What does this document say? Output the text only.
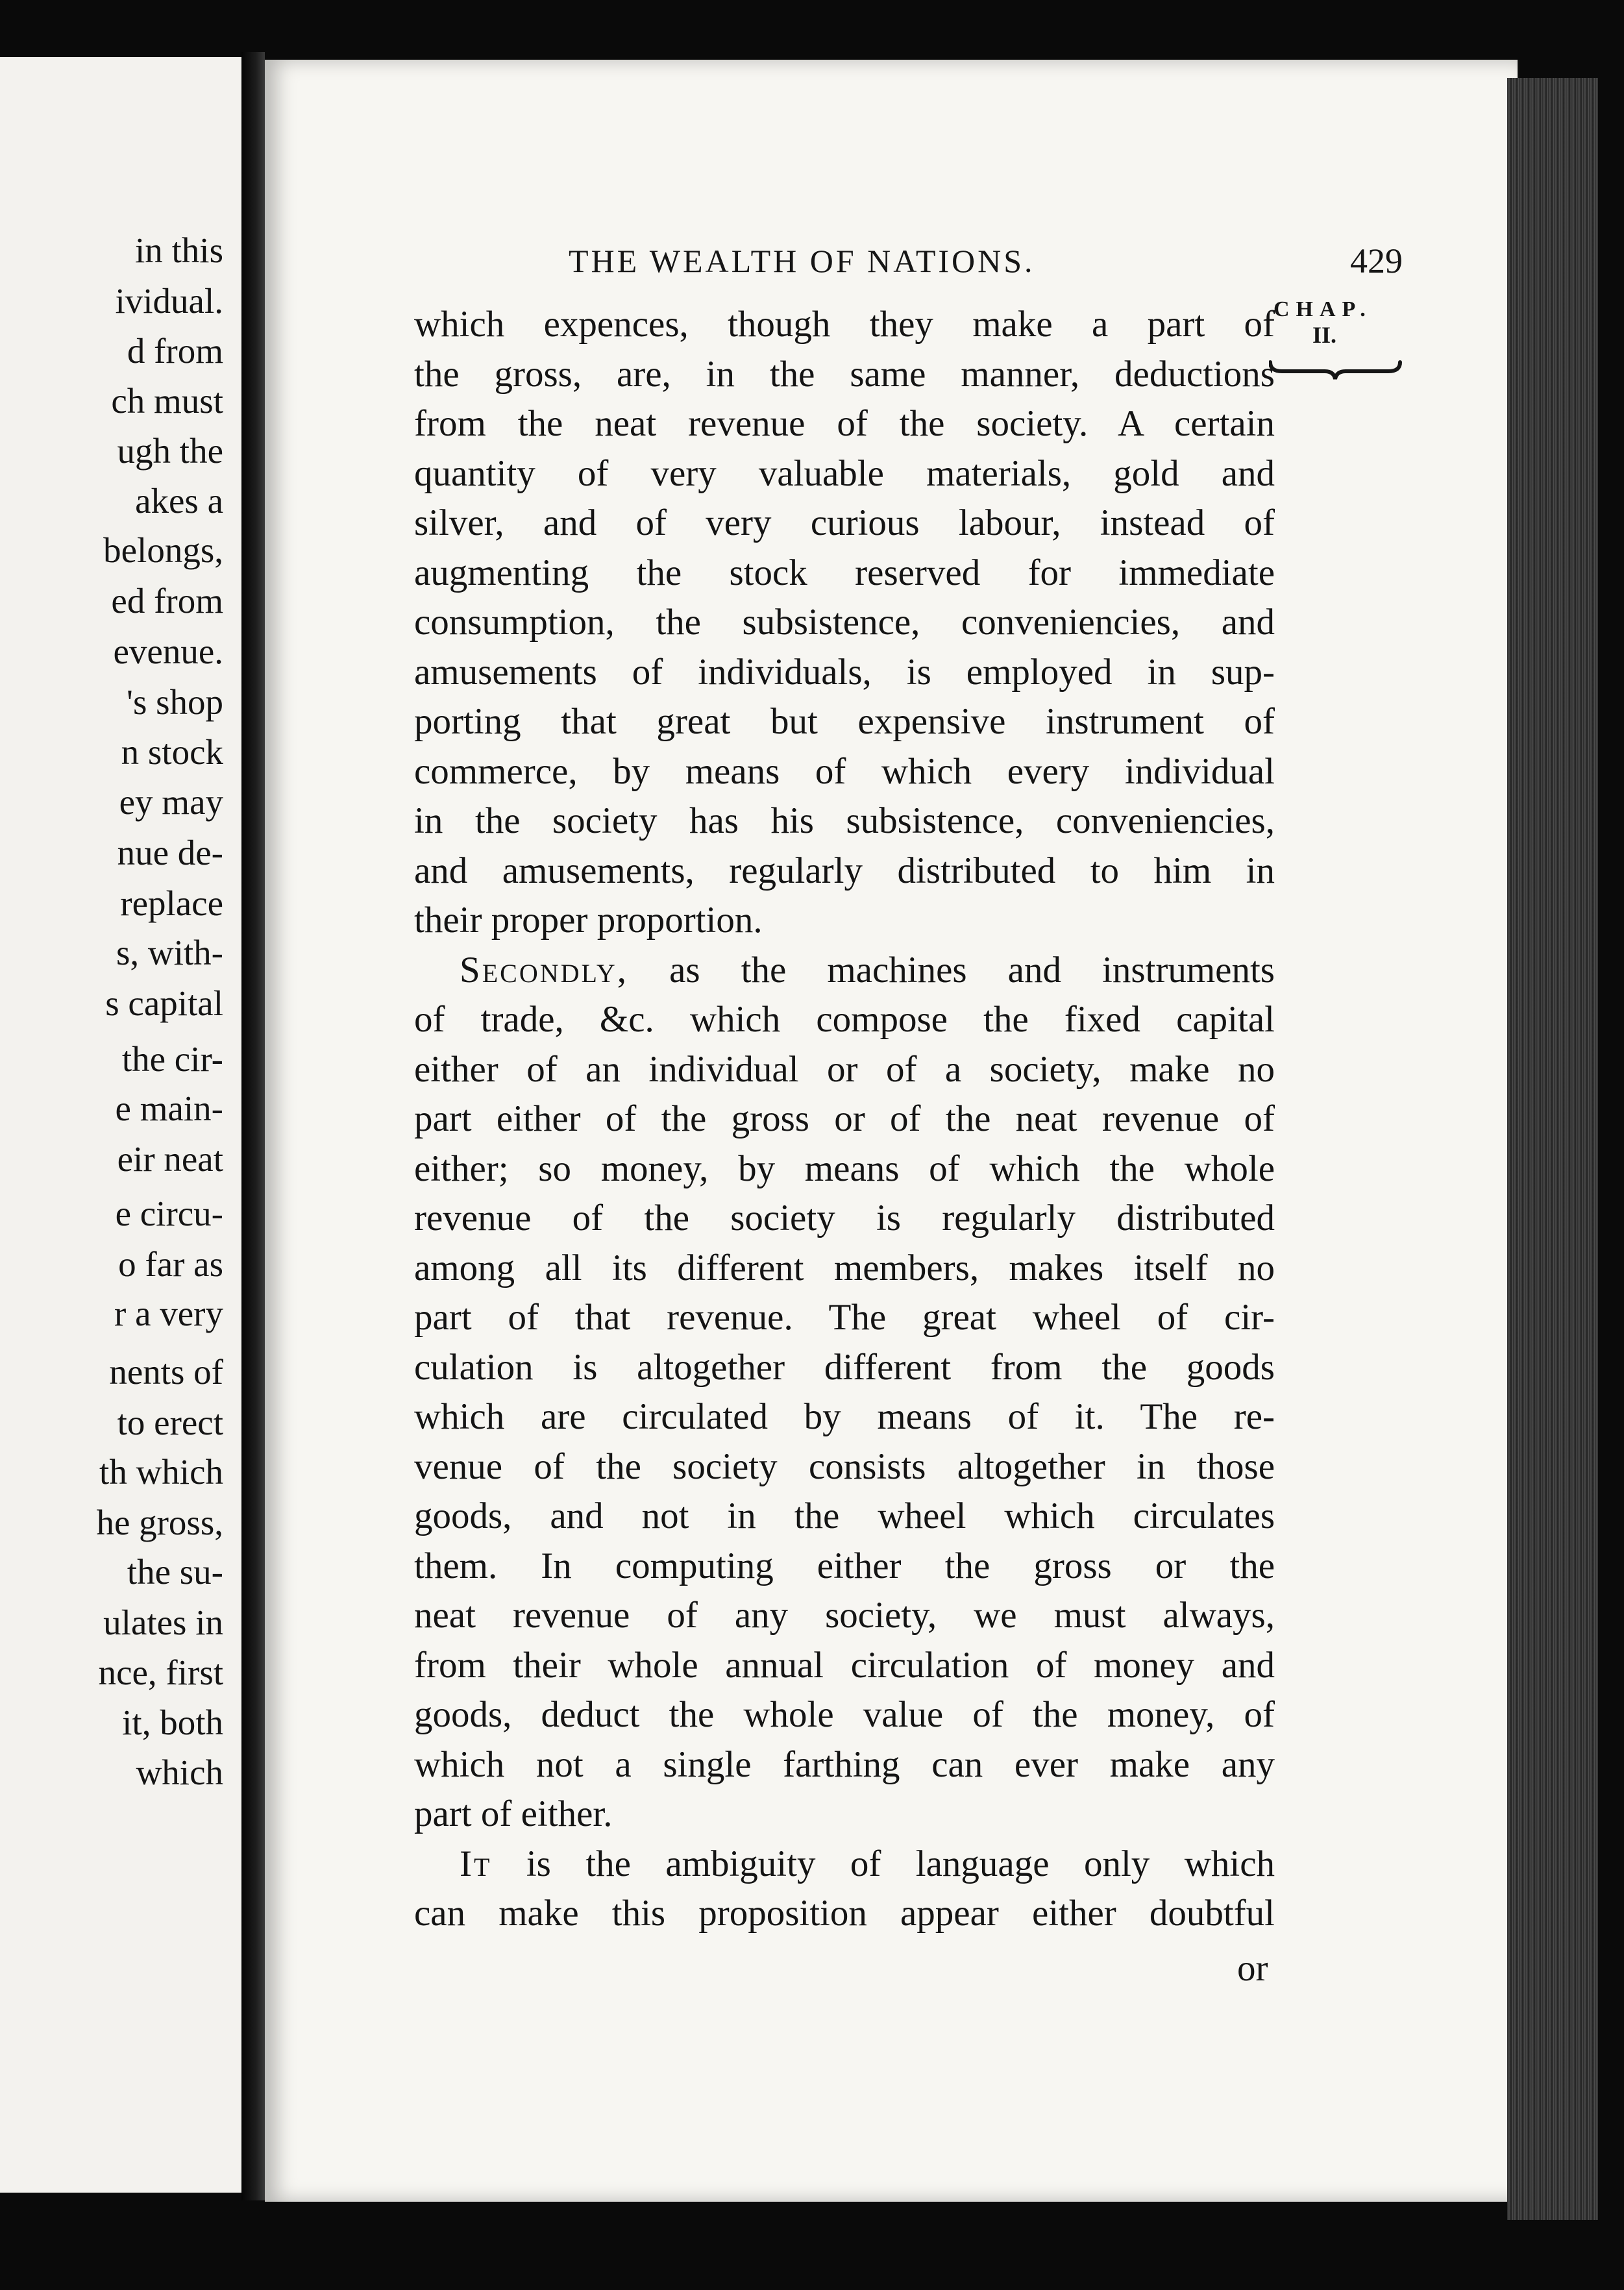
in this
ividual.
d from
ch must
ugh the
akes a
belongs,
ed from
evenue.
's shop
n stock
ey may
nue de-
replace
s, with-
s capital
the cir-
e main-
eir neat
e circu-
o far as
r a very
nents of
to erect
th which
he gross,
the su-
ulates in
nce, first
it, both
which
THE WEALTH OF NATIONS.	429
CHAP.
II.
which expences, though they make a part of
the gross, are, in the same manner, deductions
from the neat revenue of the society. A certain
quantity of very valuable materials, gold and
silver, and of very curious labour, instead of
augmenting the stock reserved for immediate
consumption, the subsistence, conveniencies, and
amusements of individuals, is employed in sup-
porting that great but expensive instrument of
commerce, by means of which every individual
in the society has his subsistence, conveniencies,
and amusements, regularly distributed to him in
their proper proportion.
Secondly, as the machines and instruments
of trade, &c. which compose the fixed capital
either of an individual or of a society, make no
part either of the gross or of the neat revenue of
either; so money, by means of which the whole
revenue of the society is regularly distributed
among all its different members, makes itself no
part of that revenue. The great wheel of cir-
culation is altogether different from the goods
which are circulated by means of it. The re-
venue of the society consists altogether in those
goods, and not in the wheel which circulates
them. In computing either the gross or the
neat revenue of any society, we must always,
from their whole annual circulation of money and
goods, deduct the whole value of the money, of
which not a single farthing can ever make any
part of either.
It is the ambiguity of language only which
can make this proposition appear either doubtful
or
